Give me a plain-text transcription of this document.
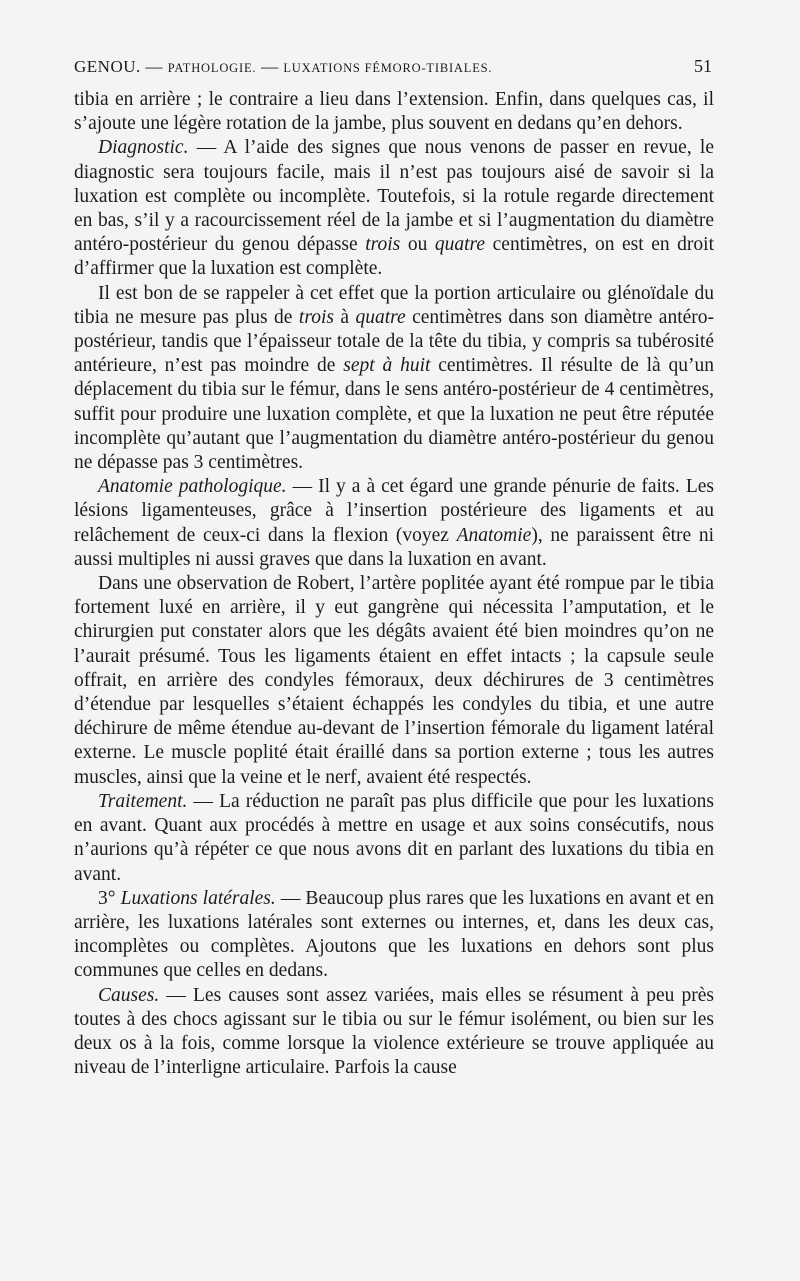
GENOU. — PATHOLOGIE. — LUXATIONS FÉMORO-TIBIALES.	51

tibia en arrière ; le contraire a lieu dans l’extension. Enfin, dans quelques cas, il s’ajoute une légère rotation de la jambe, plus souvent en dedans qu’en dehors.

Diagnostic. — A l’aide des signes que nous venons de passer en revue, le diagnostic sera toujours facile, mais il n’est pas toujours aisé de savoir si la luxation est complète ou incomplète. Toutefois, si la rotule regarde directement en bas, s’il y a racourcissement réel de la jambe et si l’augmentation du diamètre antéro-postérieur du genou dépasse trois ou quatre centimètres, on est en droit d’affirmer que la luxation est complète.

Il est bon de se rappeler à cet effet que la portion articulaire ou glénoïdale du tibia ne mesure pas plus de trois à quatre centimètres dans son diamètre antéro-postérieur, tandis que l’épaisseur totale de la tête du tibia, y compris sa tubérosité antérieure, n’est pas moindre de sept à huit centimètres. Il résulte de là qu’un déplacement du tibia sur le fémur, dans le sens antéro-postérieur de 4 centimètres, suffit pour produire une luxation complète, et que la luxation ne peut être réputée incomplète qu’autant que l’augmentation du diamètre antéro-postérieur du genou ne dépasse pas 3 centimètres.

Anatomie pathologique. — Il y a à cet égard une grande pénurie de faits. Les lésions ligamenteuses, grâce à l’insertion postérieure des ligaments et au relâchement de ceux-ci dans la flexion (voyez Anatomie), ne paraissent être ni aussi multiples ni aussi graves que dans la luxation en avant.

Dans une observation de Robert, l’artère poplitée ayant été rompue par le tibia fortement luxé en arrière, il y eut gangrène qui nécessita l’amputation, et le chirurgien put constater alors que les dégâts avaient été bien moindres qu’on ne l’aurait présumé. Tous les ligaments étaient en effet intacts ; la capsule seule offrait, en arrière des condyles fémoraux, deux déchirures de 3 centimètres d’étendue par lesquelles s’étaient échappés les condyles du tibia, et une autre déchirure de même étendue au-devant de l’insertion fémorale du ligament latéral externe. Le muscle poplité était éraillé dans sa portion externe ; tous les autres muscles, ainsi que la veine et le nerf, avaient été respectés.

Traitement. — La réduction ne paraît pas plus difficile que pour les luxations en avant. Quant aux procédés à mettre en usage et aux soins consécutifs, nous n’aurions qu’à répéter ce que nous avons dit en parlant des luxations du tibia en avant.

3° Luxations latérales. — Beaucoup plus rares que les luxations en avant et en arrière, les luxations latérales sont externes ou internes, et, dans les deux cas, incomplètes ou complètes. Ajoutons que les luxations en dehors sont plus communes que celles en dedans.

Causes. — Les causes sont assez variées, mais elles se résument à peu près toutes à des chocs agissant sur le tibia ou sur le fémur isolément, ou bien sur les deux os à la fois, comme lorsque la violence extérieure se trouve appliquée au niveau de l’interligne articulaire. Parfois la cause
